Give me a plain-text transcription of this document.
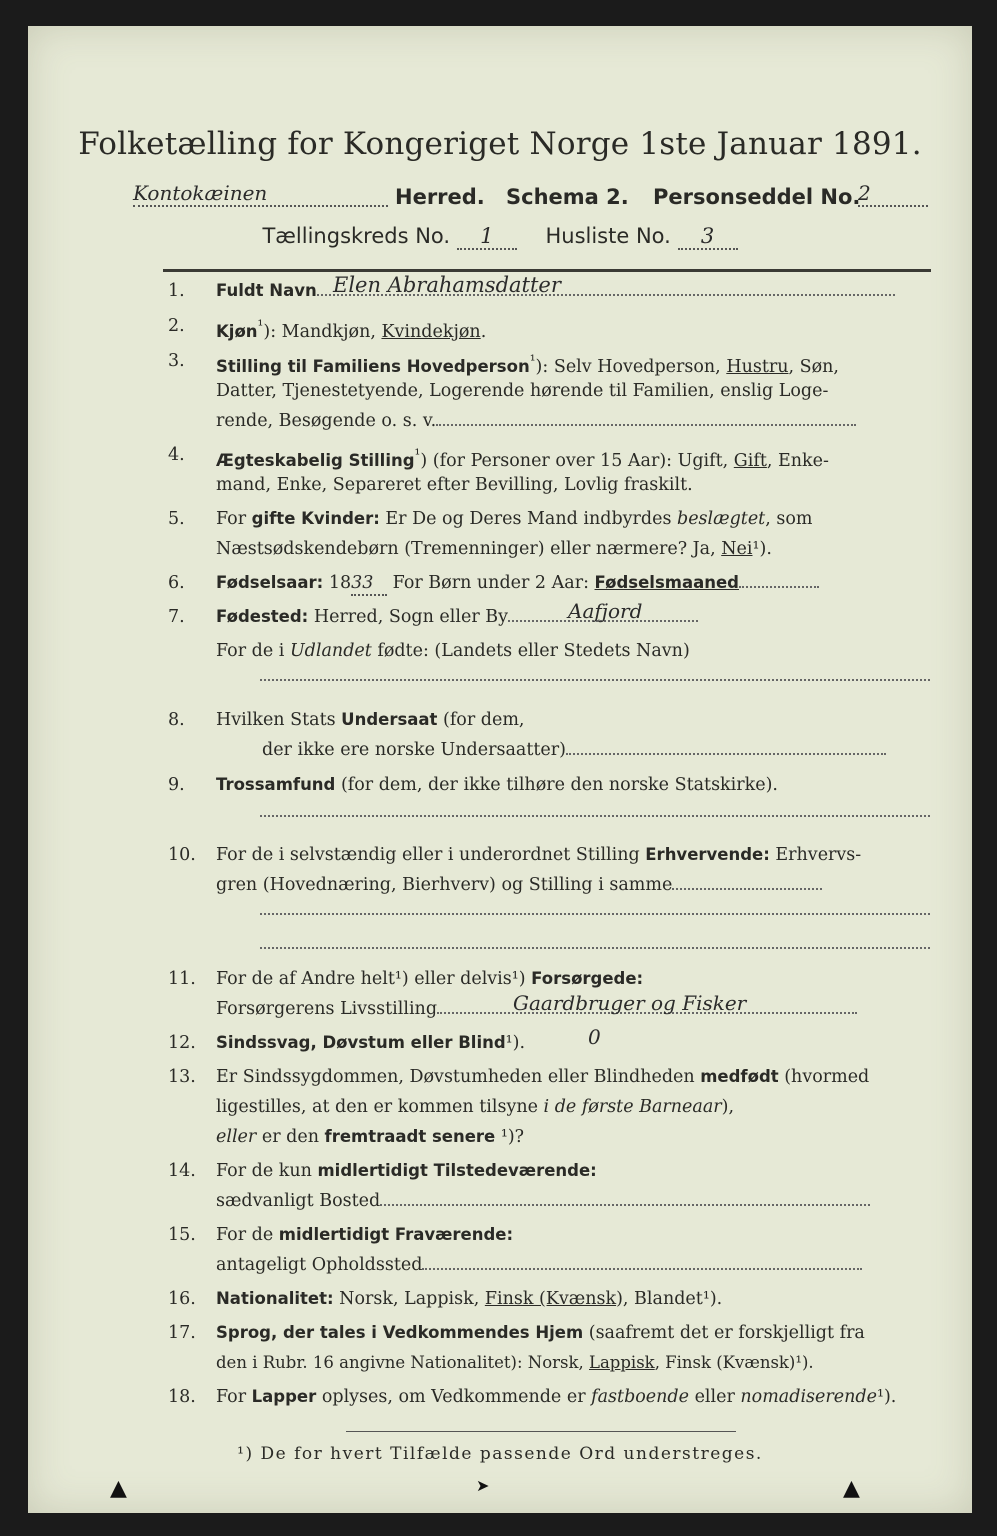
Folketælling for Kongeriget Norge 1ste Januar 1891.
Kontokæinen	Herred. Schema 2. Personseddel No.
2
Tællingskreds No. 1 Husliste No. 3
1.	Fuldt Navn Elen Abrahamsdatter
2.	Kjøn$^{^1}$): Mandkjøn, Kvindekjøn.
3.	Stilling til Familiens Hovedperson$^{^1}$): Selv Hovedperson, Hustru, Søn,
Datter, Tjenestetyende, Logerende hørende til Familien, enslig Loge-
rende, Besøgende o. s. v.
4.	Ægteskabelig Stilling$^{^1}$) (for Personer over 15 Aar): Ugift, Gift, Enke-
mand, Enke, Separeret efter Bevilling, Lovlig fraskilt.
5.	For gifte Kvinder: Er De og Deres Mand indbyrdes beslægtet, som
Næstsødskendebørn (Tremenninger) eller nærmere? Ja, Nei¹).
6.	Fødselsaar: 1833 For Børn under 2 Aar: Fødselsmaaned
7.	Fødested: Herred, Sogn eller By	Aafjord
For de i Udlandet fødte: (Landets eller Stedets Navn)
8.	Hvilken Stats Undersaat (for dem,
der ikke ere norske Undersaatter)
9.	Trossamfund (for dem, der ikke tilhøre den norske Statskirke).
10.	For de i selvstændig eller i underordnet Stilling Erhvervende: Erhvervs-
gren (Hovednæring, Bierhverv) og Stilling i samme
11.	For de af Andre helt¹) eller delvis¹) Forsørgede:
Forsørgerens Livsstilling	Gaardbruger og Fisker
12.	Sindssvag, Døvstum eller Blind¹).	0
13.	Er Sindssygdommen, Døvstumheden eller Blindheden medfødt (hvormed
ligestilles, at den er kommen tilsyne i de første Barneaar),
eller er den fremtraadt senere ¹)?
14.	For de kun midlertidigt Tilstedeværende:
sædvanligt Bosted
15.	For de midlertidigt Fraværende:
antageligt Opholdssted
16.	Nationalitet: Norsk, Lappisk, Finsk (Kvænsk), Blandet¹).
17.	Sprog, der tales i Vedkommendes Hjem (saafremt det er forskjelligt fra
den i Rubr. 16 angivne Nationalitet): Norsk, Lappisk, Finsk (Kvænsk)¹).
18.	For Lapper oplyses, om Vedkommende er fastboende eller nomadiserende¹).
¹) De for hvert Tilfælde passende Ord understreges.
▲	➤	▲
